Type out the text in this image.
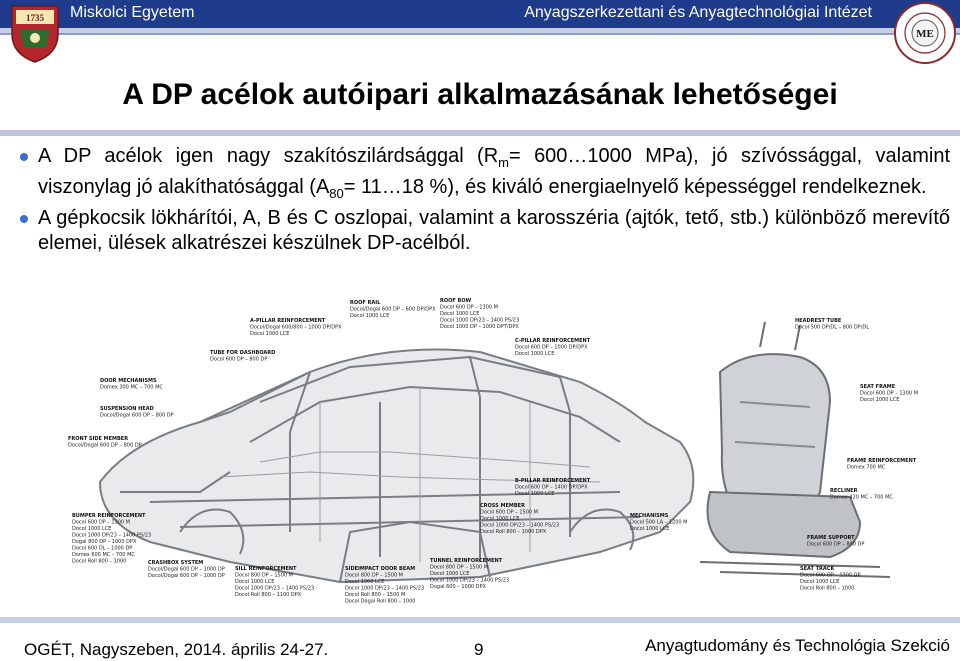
Miskolci Egyetem	Anyagszerkezettani és Anyagtechnológiai Intézet
1735
ME
A DP acélok autóipari alkalmazásának lehetőségei

A DP acélok igen nagy szakítószilárdsággal ($R_m=$ 600…1000 MPa), jó szívóssággal, valamint viszonylag jó alakíthatósággal ($A_{80}=$ 11…18 %), és kiváló energiaelnyelő képességgel rendelkeznek.

A gépkocsik lökhárítói, A, B és C oszlopai, valamint a karosszéria (ajtók, tető, stb.) különböző merevítő elemei, ülések alkatrészei készülnek DP-acélból.

ROOF RAIL
Docol/Dogal 600 DP – 600 DP/DPX
Docol 1000 LCE
ROOF BOW
Docol 600 DP – 1300 M
Docol 1000 LCE
Docol 1000 DP/23 – 1400 PS/23
Docol 1000 DP – 1000 DPT/DPX
A-PILLAR REINFORCEMENT
Docol/Dogal 600/800 – 1000 DP/DPX
Docol 1000 LCE
TUBE FOR DASHBOARD
Docol 600 DP – 800 DP
C-PILLAR REINFORCEMENT
Docol 600 DP – 1000 DP/DPX
Docol 1000 LCE
DOOR MECHANISMS
Domex 300 MC – 700 MC
SUSPENSION HEAD
Docol/Dogal 600 DP – 800 DP
FRONT SIDE MEMBER
Docol/Dogal 600 DP – 800 DP
B-PILLAR REINFORCEMENT
Docol 600 DP – 1400 DP/DPX
Docol 1000 LCE
BUMPER REINFORCEMENT
Docol 600 DP – 1300 M
Docol 1000 LCE
Docol 1000 DP/23 – 1400 PS/23
Dogal 800 DP – 1000 DPX
Docol 600 DL – 1000 DP
Domex 600 MC – 700 MC
Docol Roll 800 – 1000	CRASHBOX SYSTEM
Docol/Dogal 600 DP – 1000 DP
Docol/Dogal 600 DP – 1000 DP
SILL REINFORCEMENT
Docol 800 DP – 1500 M
Docol 1000 LCE
Docol 1000 DP/23 – 1400 PS/23
Docol Roll 800 – 1100 DPX
SIDEIMPACT DOOR BEAM
Docol 800 DP – 1500 M
Docol 1000 LCE
Docol 1000 DP/23 – 1400 PS/23
Docol Roll 800 – 1500 M
Docol Dogal Roll 800 – 1000
TUNNEL REINFORCEMENT
Docol 800 DP – 1500 M
Docol 1000 LCE
Docol 1000 DP/23 – 1400 PS/23
Dogal 600 – 1000 DPX
CROSS MEMBER
Docol 600 DP – 1500 M
Docol 1000 LCE
Docol 1000 DP/23 – 1400 PS/23
Docol Roll 800 – 1000 DPX
HEADREST TUBE
Docol 500 DP/DL – 800 DP/DL
SEAT FRAME
Docol 600 DP – 1300 M
Docol 1000 LCE
FRAME REINFORCEMENT
Domex 700 MC
RECLINER
Domex 420 MC – 700 MC
MECHANISMS
Docol 500 LA – 1200 M
Docol 1000 LCE
FRAME SUPPORT
Docol 600 DP – 800 DP
SEAT TRACK
Docol 600 DP – 1300 DP
Docol 1000 LCE
Docol Roll 800 – 1000
OGÉT, Nagyszeben, 2014. április 24-27.	9	Anyagtudomány és Technológia Szekció
